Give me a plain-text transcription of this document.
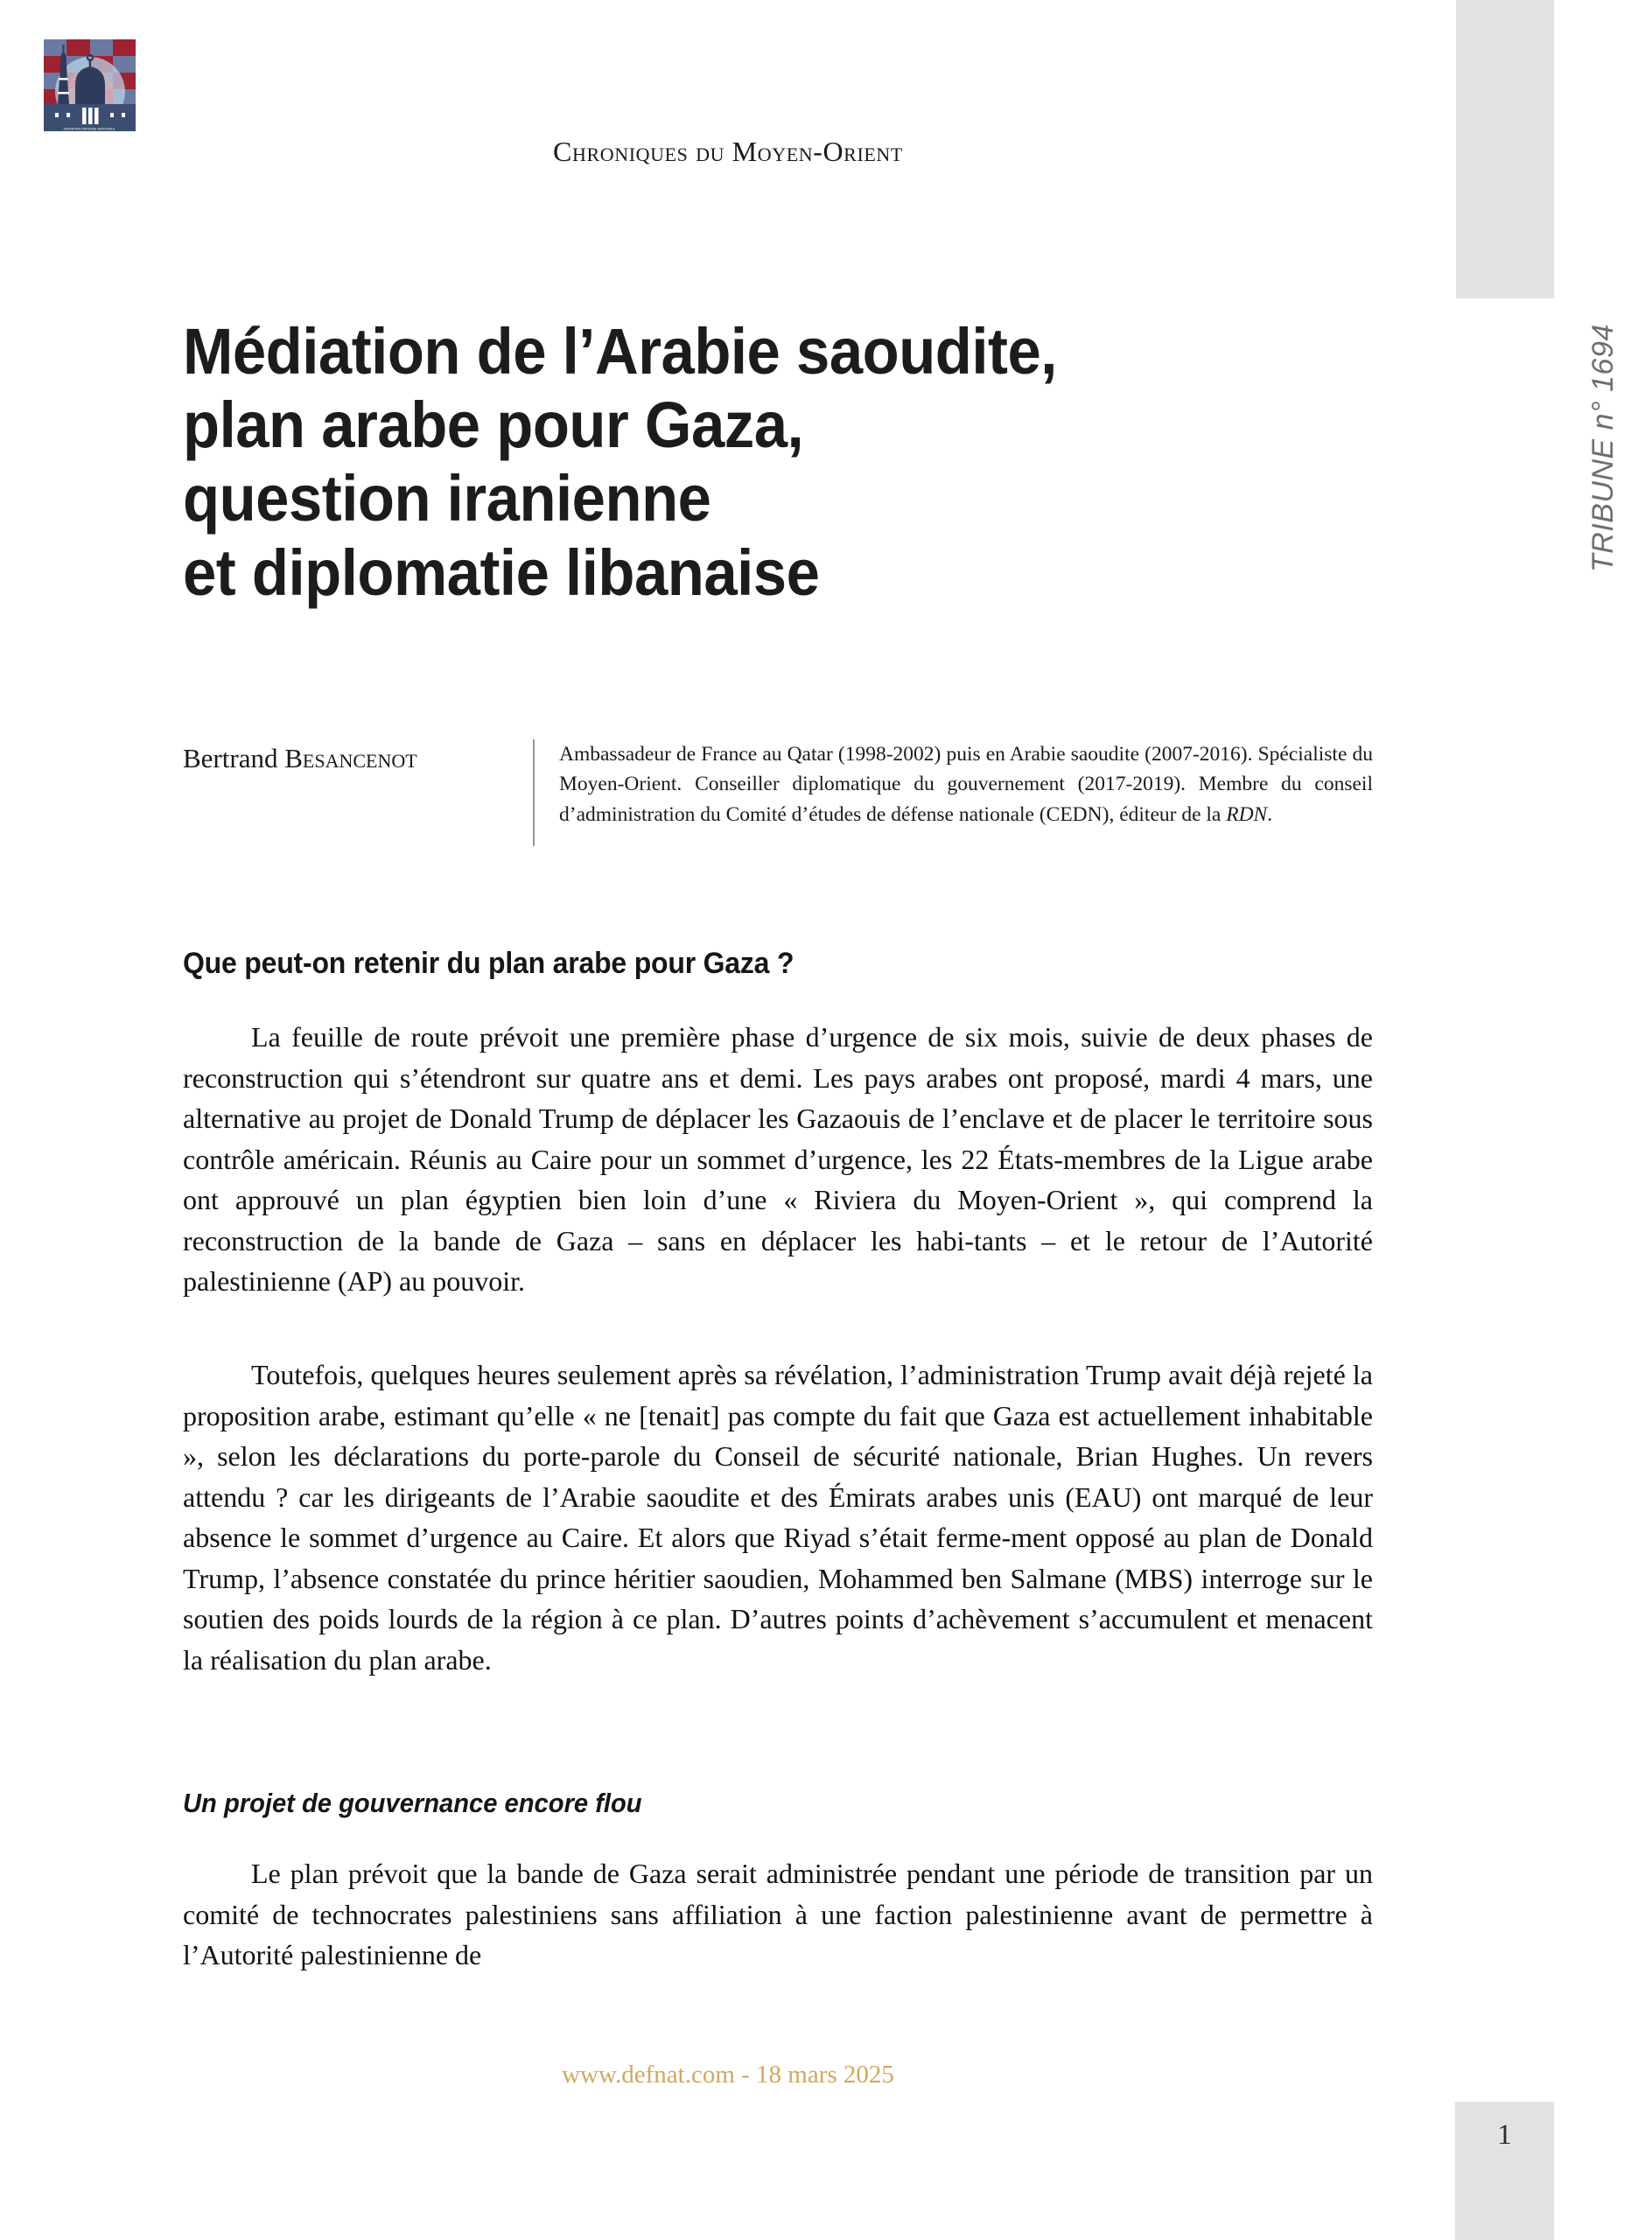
UNION-IRIS DEFENSE NATIONALE
Chroniques du Moyen-Orient
TRIBUNE n° 1694
Médiation de l’Arabie saoudite,
plan arabe pour Gaza,
question iranienne
et diplomatie libanaise
Bertrand Besancenot	Ambassadeur de France au Qatar (1998-2002) puis en Arabie saoudite (2007-2016). Spécialiste du Moyen-Orient. Conseiller diplomatique du gouvernement (2017-2019). Membre du conseil d’administration du Comité d’études de défense nationale (CEDN), éditeur de la RDN.
Que peut-on retenir du plan arabe pour Gaza ?

La feuille de route prévoit une première phase d’urgence de six mois, suivie de deux phases de reconstruction qui s’étendront sur quatre ans et demi. Les pays arabes ont proposé, mardi 4 mars, une alternative au projet de Donald Trump de déplacer les Gazaouis de l’enclave et de placer le territoire sous contrôle américain. Réunis au Caire pour un sommet d’urgence, les 22 États-membres de la Ligue arabe ont approuvé un plan égyptien bien loin d’une « Riviera du Moyen-Orient », qui comprend la reconstruction de la bande de Gaza – sans en déplacer les habi-tants – et le retour de l’Autorité palestinienne (AP) au pouvoir.

Toutefois, quelques heures seulement après sa révélation, l’administration Trump avait déjà rejeté la proposition arabe, estimant qu’elle « ne [tenait] pas compte du fait que Gaza est actuellement inhabitable », selon les déclarations du porte-parole du Conseil de sécurité nationale, Brian Hughes. Un revers attendu ? car les dirigeants de l’Arabie saoudite et des Émirats arabes unis (EAU) ont marqué de leur absence le sommet d’urgence au Caire. Et alors que Riyad s’était ferme-ment opposé au plan de Donald Trump, l’absence constatée du prince héritier saoudien, Mohammed ben Salmane (MBS) interroge sur le soutien des poids lourds de la région à ce plan. D’autres points d’achèvement s’accumulent et menacent la réalisation du plan arabe.

Un projet de gouvernance encore flou

Le plan prévoit que la bande de Gaza serait administrée pendant une période de transition par un comité de technocrates palestiniens sans affiliation à une faction palestinienne avant de permettre à l’Autorité palestinienne de

www.defnat.com - 18 mars 2025
1
